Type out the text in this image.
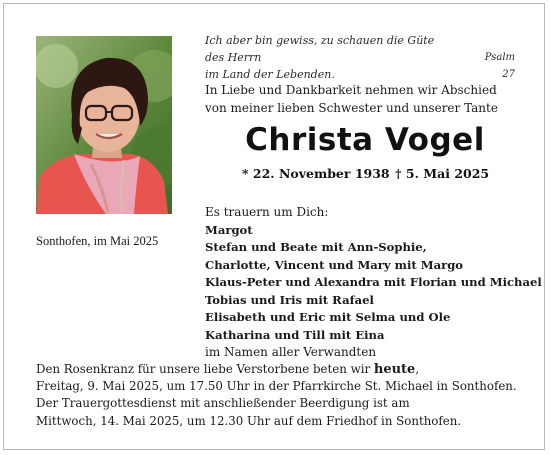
Ich aber bin gewiss, zu schauen die Güte des Herrn
im Land der Lebenden.
Psalm 27
In Liebe und Dankbarkeit nehmen wir Abschied
von meiner lieben Schwester und unserer Tante
Christa Vogel
* 22. November 1938 † 5. Mai 2025
Sonthofen, im Mai 2025
Es trauern um Dich:
Margot
Stefan und Beate mit Ann-Sophie,
Charlotte, Vincent und Mary mit Margo
Klaus-Peter und Alexandra mit Florian und Michael
Tobias und Iris mit Rafael
Elisabeth und Eric mit Selma und Ole
Katharina und Till mit Eina
im Namen aller Verwandten
Den Rosenkranz für unsere liebe Verstorbene beten wir heute,
Freitag, 9. Mai 2025, um 17.50 Uhr in der Pfarrkirche St. Michael in Sonthofen.
Der Trauergottesdienst mit anschließender Beerdigung ist am
Mittwoch, 14. Mai 2025, um 12.30 Uhr auf dem Friedhof in Sonthofen.
